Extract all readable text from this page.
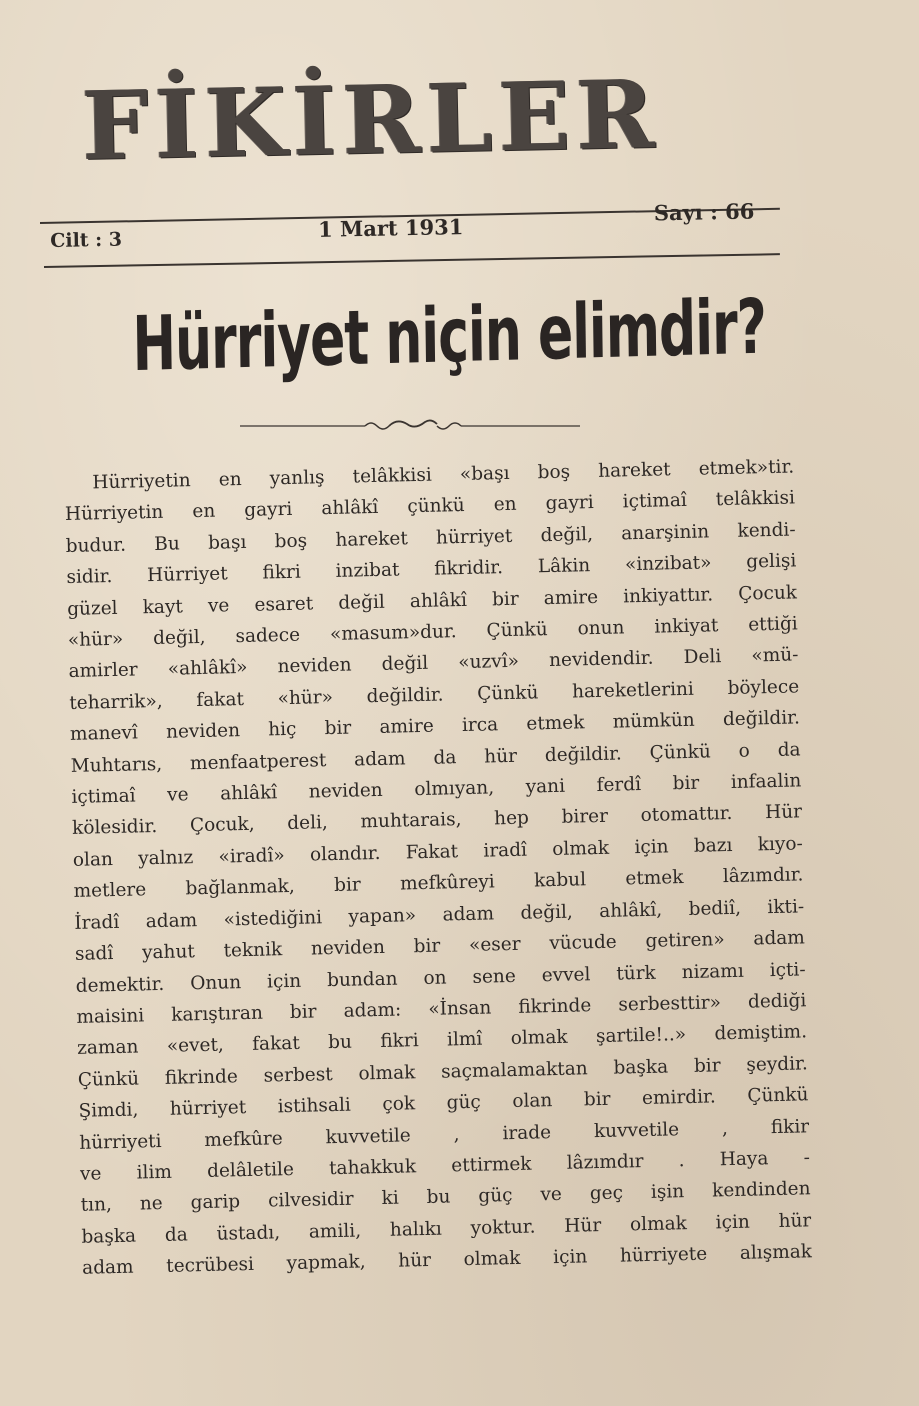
FİKİRLER
Cilt : 3	1 Mart 1931
Sayı : 66
Hürriyet niçin elimdir?

Hürriyetin en yanlış telâkkisi «başı boş hareket etmek»tir.

Hürriyetin en gayri ahlâkî çünkü en gayri içtimaî telâkkisi

budur. Bu başı boş hareket hürriyet değil, anarşinin kendi-

sidir. Hürriyet fikri inzibat fikridir. Lâkin «inzibat» gelişi

güzel kayt ve esaret değil ahlâkî bir amire inkiyattır. Çocuk

«hür» değil, sadece «masum»dur. Çünkü onun inkiyat ettiği

amirler «ahlâkî» neviden değil «uzvî» nevidendir. Deli «mü-

teharrik», fakat «hür» değildir. Çünkü hareketlerini böylece

manevî neviden hiç bir amire irca etmek mümkün değildir.

Muhtarıs, menfaatperest adam da hür değildir. Çünkü o da

içtimaî ve ahlâkî neviden olmıyan, yani ferdî bir infaalin

kölesidir. Çocuk, deli, muhtarais, hep birer otomattır. Hür

olan yalnız «iradî» olandır. Fakat iradî olmak için bazı kıyo-

metlere bağlanmak, bir mefkûreyi kabul etmek lâzımdır.

İradî adam «istediğini yapan» adam değil, ahlâkî, bediî, ikti-

sadî yahut teknik neviden bir «eser vücude getiren» adam

demektir. Onun için bundan on sene evvel türk nizamı içti-

maisini karıştıran bir adam: «İnsan fikrinde serbesttir» dediği

zaman «evet, fakat bu fikri ilmî olmak şartile!..» demiştim.

Çünkü fikrinde serbest olmak saçmalamaktan başka bir şeydir.

Şimdi, hürriyet istihsali çok güç olan bir emirdir. Çünkü

hürriyeti mefkûre kuvvetile , irade kuvvetile , fikir

ve ilim delâletile tahakkuk ettirmek lâzımdır . Haya -

tın, ne garip cilvesidir ki bu güç ve geç işin kendinden

başka da üstadı, amili, halıkı yoktur. Hür olmak için hür

adam tecrübesi yapmak, hür olmak için hürriyete alışmak
